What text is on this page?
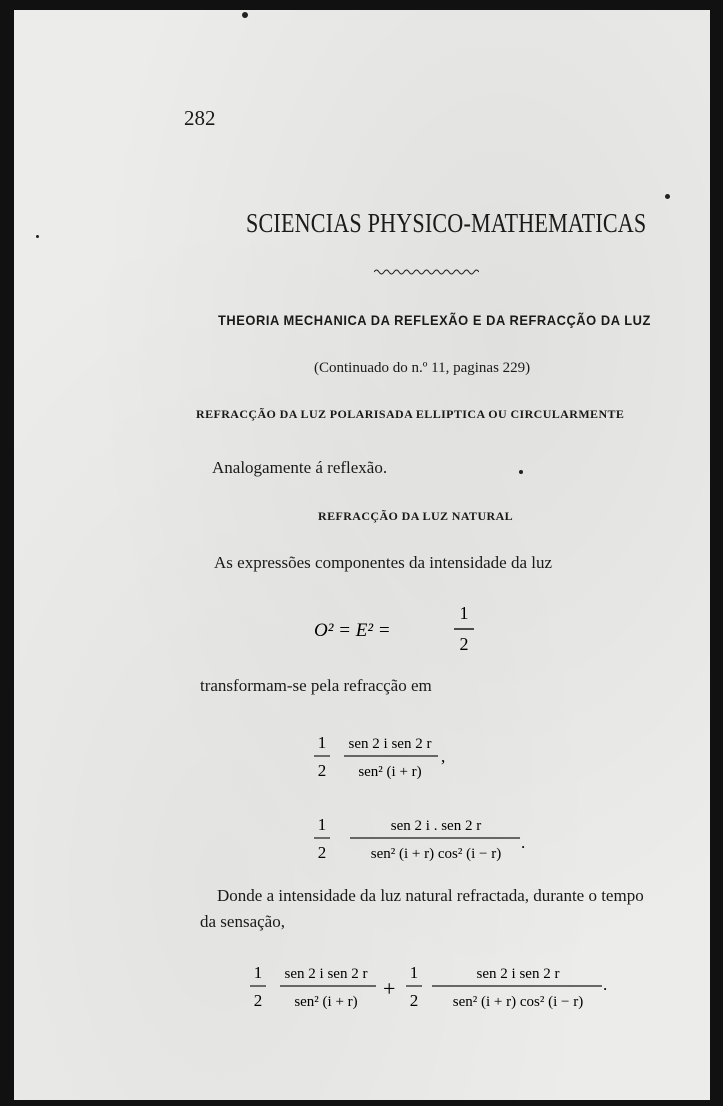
282
SCIENCIAS PHYSICO-MATHEMATICAS
THEORIA MECHANICA DA REFLEXÃO E DA REFRACÇÃO DA LUZ
(Continuado do n.º 11, paginas 229)
REFRACÇÃO DA LUZ POLARISADA ELLIPTICA OU CIRCULARMENTE
Analogamente á reflexão.
REFRACÇÃO DA LUZ NATURAL
As expressões componentes da intensidade da luz
O² = E² =
1
2
transformam-se pela refracção em
1
2
sen 2 i sen 2 r
sen² (i + r)
,
1
2
sen 2 i . sen 2 r
sen² (i + r) cos² (i − r)
.
Donde a intensidade da luz natural refractada, durante o tempo
da sensação,
1
2
sen 2 i sen 2 r
sen² (i + r)
+
1
2
sen 2 i sen 2 r
sen² (i + r) cos² (i − r)
.
